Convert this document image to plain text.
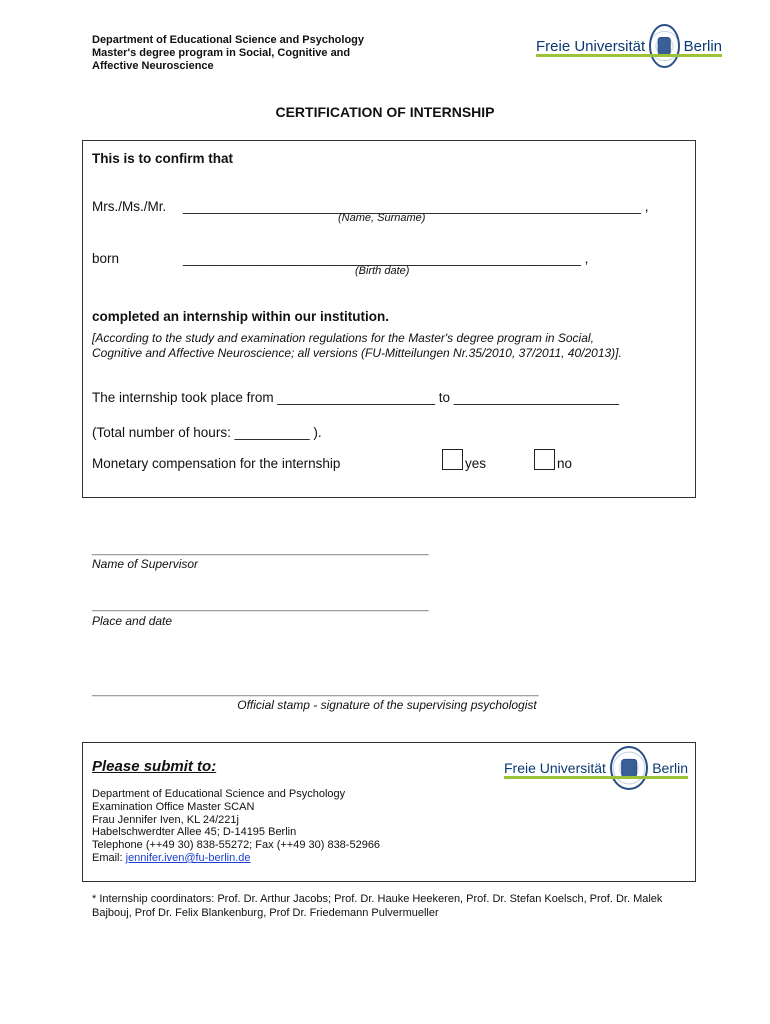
Department of Educational Science and Psychology
Master's degree program in Social, Cognitive and
Affective Neuroscience
Freie Universität	Berlin
CERTIFICATION OF INTERNSHIP
This is to confirm that
Mrs./Ms./Mr. _____________________________________________________________ ,
(Name, Surname)
born	_____________________________________________________ ,
(Birth date)
completed an internship within our institution.
[According to the study and examination regulations for the Master's degree program in Social,
Cognitive and Affective Neuroscience; all versions (FU-Mitteilungen Nr.35/2010, 37/2011, 40/2013)].
The internship took place from _____________________ to ______________________
(Total number of hours: __________ ).
Monetary compensation for the internship	yes	no
_______________________________________________________
Name of Supervisor
_______________________________________________________
Place and date
_________________________________________________________________________
Official stamp - signature of the supervising psychologist
Please submit to:	Freie Universität	Berlin
Department of Educational Science and Psychology
Examination Office Master SCAN
Frau Jennifer Iven, KL 24/221j
Habelschwerdter Allee 45; D-14195 Berlin
Telephone (++49 30) 838-55272; Fax (++49 30) 838-52966
Email: jennifer.iven@fu-berlin.de
* Internship coordinators: Prof. Dr. Arthur Jacobs; Prof. Dr. Hauke Heekeren, Prof. Dr. Stefan Koelsch, Prof. Dr. Malek Bajbouj, Prof Dr. Felix Blankenburg, Prof Dr. Friedemann Pulvermueller
